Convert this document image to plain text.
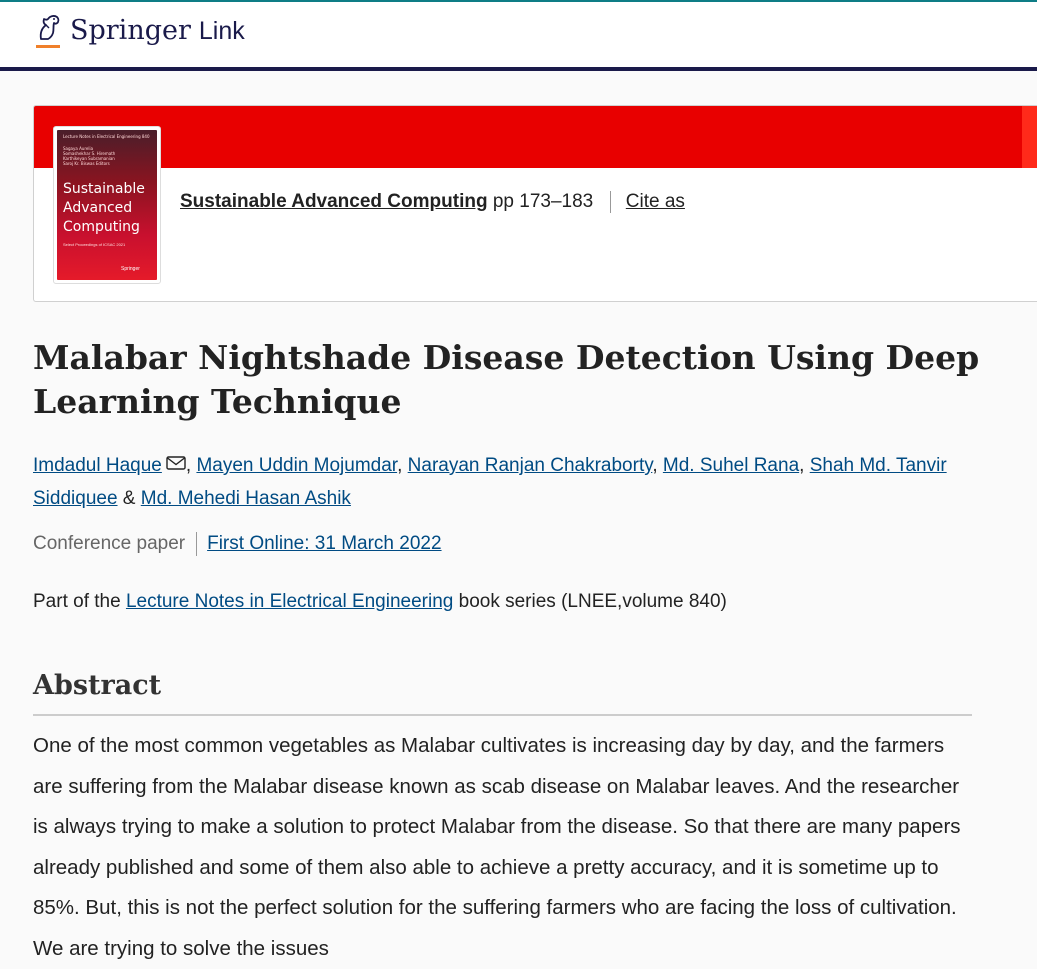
Springer Link
Lecture Notes in Electrical Engineering 840
Sagaya Aurelia
Somashekhar S. Hiremath
Karthikeyan Subramanian
Saroj Kr. Biswas Editors
Sustainable
Advanced
Computing
Select Proceedings of ICSAC 2021
Springer
Sustainable Advanced Computing pp 173–183 Cite as
Malabar Nightshade Disease Detection Using Deep Learning Technique
Imdadul Haque , Mayen Uddin Mojumdar, Narayan Ranjan Chakraborty, Md. Suhel Rana, Shah Md. Tanvir Siddiquee & Md. Mehedi Hasan Ashik
Conference paper First Online: 31 March 2022
Part of the Lecture Notes in Electrical Engineering book series (LNEE,volume 840)
Abstract

One of the most common vegetables as Malabar cultivates is increasing day by day, and the farmers are suffering from the Malabar disease known as scab disease on Malabar leaves. And the researcher is always trying to make a solution to protect Malabar from the disease. So that there are many papers already published and some of them also able to achieve a pretty accuracy, and it is sometime up to 85%. But, this is not the perfect solution for the suffering farmers who are facing the loss of cultivation. We are trying to solve the issues
